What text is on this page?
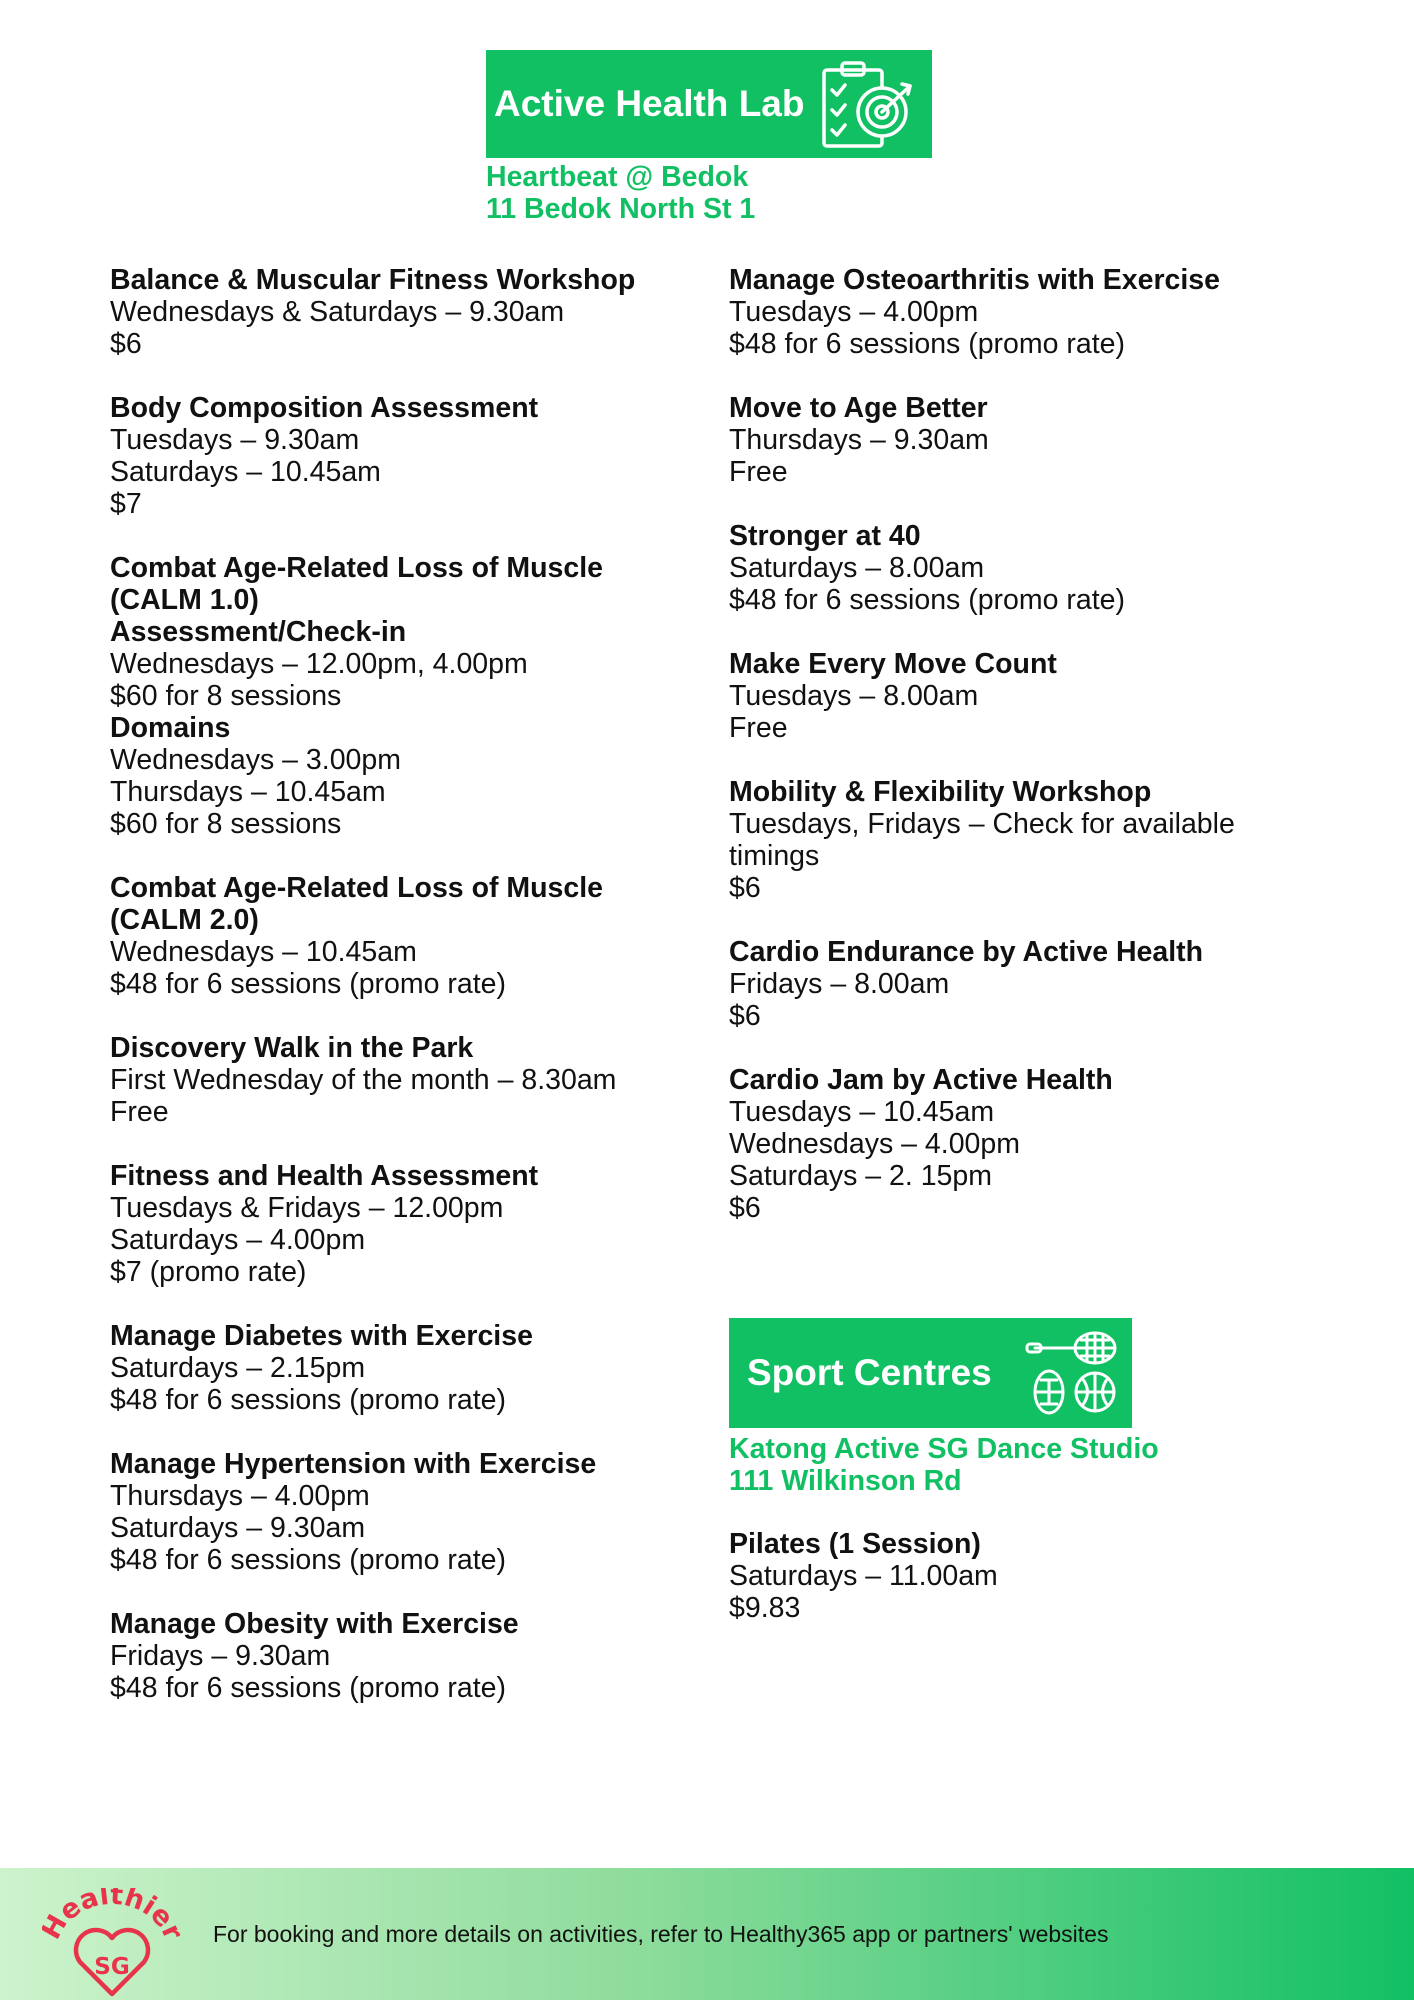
Active Health Lab
Heartbeat @ Bedok
11 Bedok North St 1
Balance & Muscular Fitness Workshop
Wednesdays & Saturdays – 9.30am
$6
Body Composition Assessment
Tuesdays – 9.30am
Saturdays – 10.45am
$7
Combat Age-Related Loss of Muscle
(CALM 1.0)
Assessment/Check-in
Wednesdays – 12.00pm, 4.00pm
$60 for 8 sessions
Domains
Wednesdays – 3.00pm
Thursdays – 10.45am
$60 for 8 sessions
Combat Age-Related Loss of Muscle
(CALM 2.0)
Wednesdays – 10.45am
$48 for 6 sessions (promo rate)
Discovery Walk in the Park
First Wednesday of the month – 8.30am
Free
Fitness and Health Assessment
Tuesdays & Fridays – 12.00pm
Saturdays – 4.00pm
$7 (promo rate)
Manage Diabetes with Exercise
Saturdays – 2.15pm
$48 for 6 sessions (promo rate)
Manage Hypertension with Exercise
Thursdays – 4.00pm
Saturdays – 9.30am
$48 for 6 sessions (promo rate)
Manage Obesity with Exercise
Fridays – 9.30am
$48 for 6 sessions (promo rate)
Manage Osteoarthritis with Exercise
Tuesdays – 4.00pm
$48 for 6 sessions (promo rate)
Move to Age Better
Thursdays – 9.30am
Free
Stronger at 40
Saturdays – 8.00am
$48 for 6 sessions (promo rate)
Make Every Move Count
Tuesdays – 8.00am
Free
Mobility & Flexibility Workshop
Tuesdays, Fridays – Check for available timings
$6
Cardio Endurance by Active Health
Fridays – 8.00am
$6
Cardio Jam by Active Health
Tuesdays – 10.45am
Wednesdays – 4.00pm
Saturdays – 2. 15pm
$6
Sport Centres
Katong Active SG Dance Studio
111 Wilkinson Rd
Pilates (1 Session)
Saturdays – 11.00am
$9.83
ealthie
SG
For booking and more details on activities, refer to Healthy365 app or partners' websites
